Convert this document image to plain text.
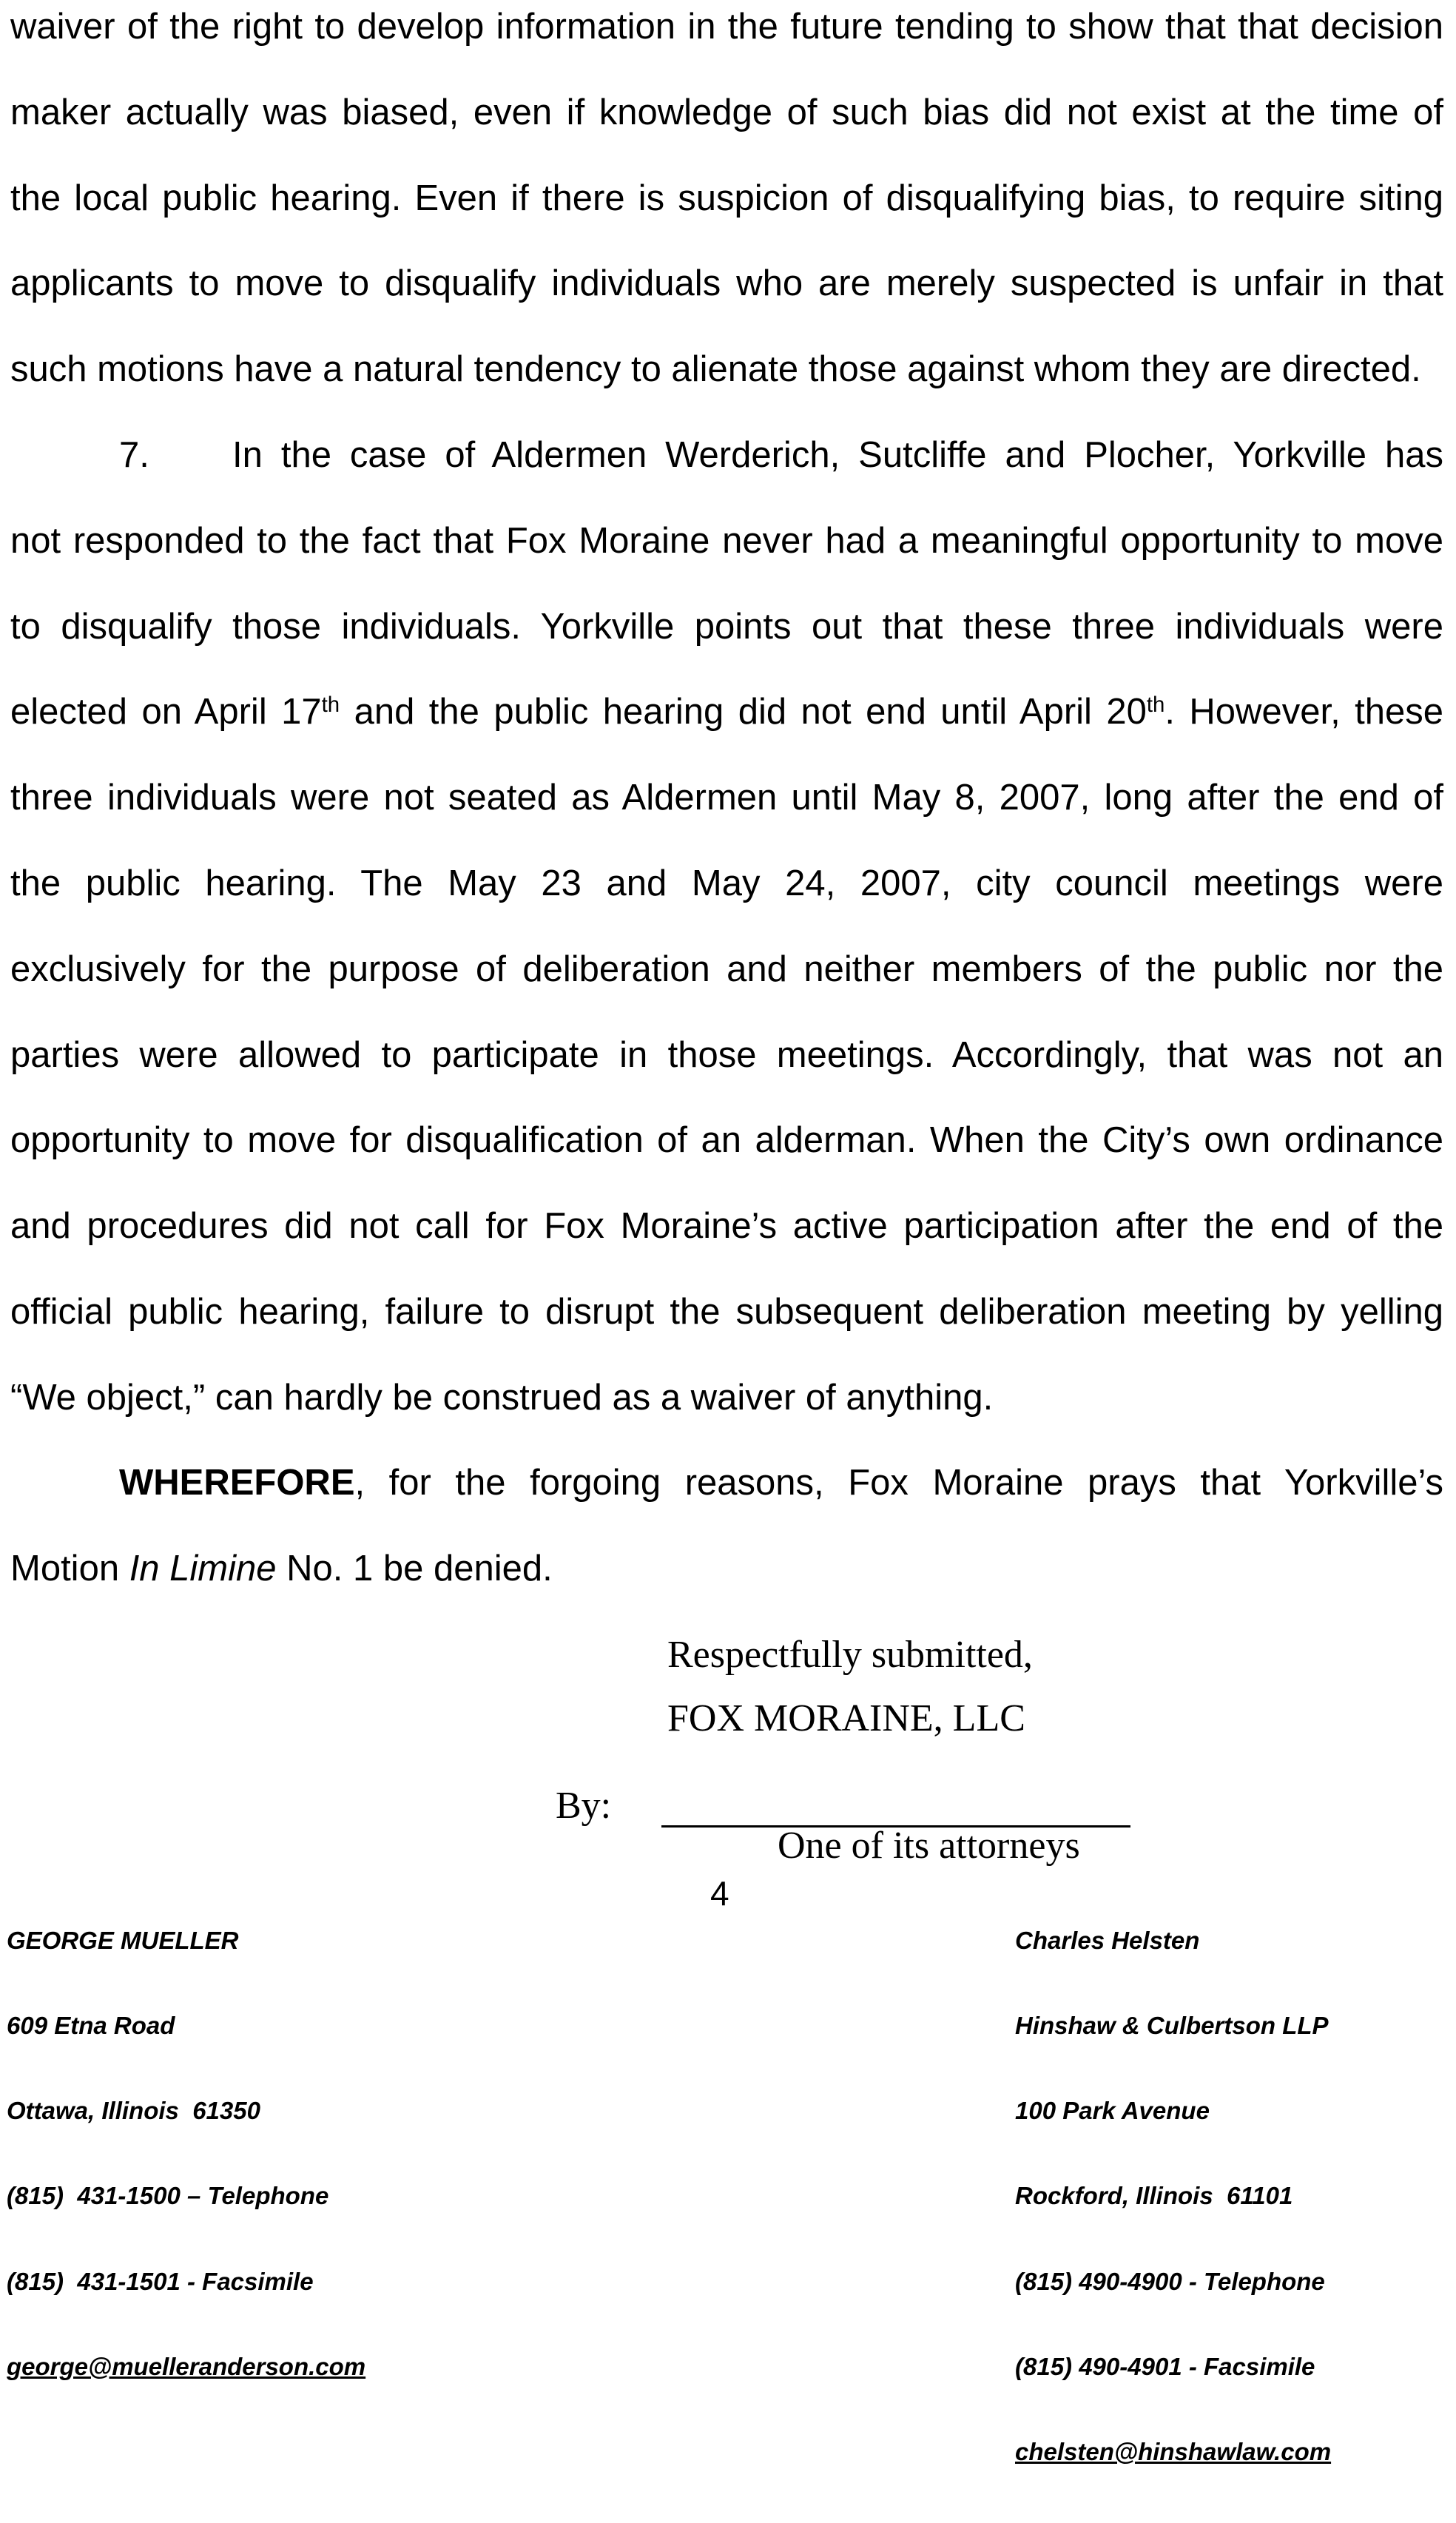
waiver of the right to develop information in the future tending to show that that decision
maker actually was biased, even if knowledge of such bias did not exist at the time of
the local public hearing. Even if there is suspicion of disqualifying bias, to require siting
applicants to move to disqualify individuals who are merely suspected is unfair in that
such motions have a natural tendency to alienate those against whom they are directed.
7. In the case of Aldermen Werderich, Sutcliffe and Plocher, Yorkville has
not responded to the fact that Fox Moraine never had a meaningful opportunity to move
to disqualify those individuals. Yorkville points out that these three individuals were
elected on April 17th and the public hearing did not end until April 20th. However, these
three individuals were not seated as Aldermen until May 8, 2007, long after the end of
the public hearing. The May 23 and May 24, 2007, city council meetings were
exclusively for the purpose of deliberation and neither members of the public nor the
parties were allowed to participate in those meetings. Accordingly, that was not an
opportunity to move for disqualification of an alderman. When the City’s own ordinance
and procedures did not call for Fox Moraine’s active participation after the end of the
official public hearing, failure to disrupt the subsequent deliberation meeting by yelling
“We object,” can hardly be construed as a waiver of anything.
WHEREFORE, for the forgoing reasons, Fox Moraine prays that Yorkville’s
Motion In Limine No. 1 be denied.
Respectfully submitted,
FOX MORAINE, LLC
By:
One of its attorneys
4

GEORGE MUELLER

609 Etna Road

Ottawa, Illinois  61350

(815)  431-1500 – Telephone

(815)  431-1501 - Facsimile

george@muelleranderson.com

Charles Helsten

Hinshaw & Culbertson LLP

100 Park Avenue

Rockford, Illinois  61101

(815) 490-4900 - Telephone

(815) 490-4901 - Facsimile

chelsten@hinshawlaw.com
